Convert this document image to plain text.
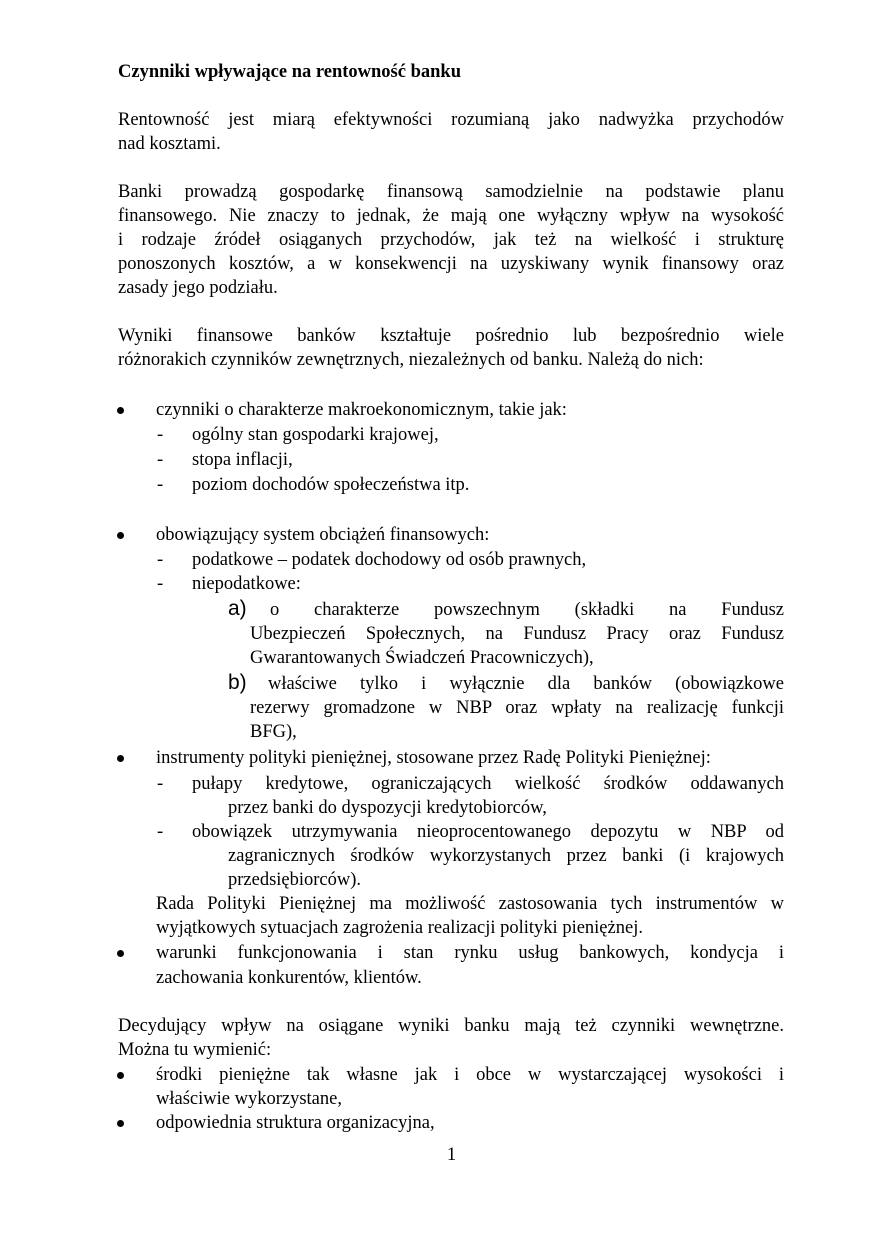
Czynniki wpływające na rentowność banku
Rentowność jest miarą efektywności rozumianą jako nadwyżka przychodów
nad kosztami.
Banki prowadzą gospodarkę finansową samodzielnie na podstawie planu
finansowego. Nie znaczy to jednak, że mają one wyłączny wpływ na wysokość
i rodzaje źródeł osiąganych przychodów, jak też na wielkość i strukturę
ponoszonych kosztów, a w konsekwencji na uzyskiwany wynik finansowy oraz
zasady jego podziału.
Wyniki finansowe banków kształtuje pośrednio lub bezpośrednio wiele
różnorakich czynników zewnętrznych, niezależnych od banku. Należą do nich:
czynniki o charakterze makroekonomicznym, takie jak:
- ogólny stan gospodarki krajowej,
- stopa inflacji,
- poziom dochodów społeczeństwa itp.
obowiązujący system obciążeń finansowych:
- podatkowe – podatek dochodowy od osób prawnych,
- niepodatkowe:
a) o charakterze powszechnym (składki na Fundusz
Ubezpieczeń Społecznych, na Fundusz Pracy oraz Fundusz
Gwarantowanych Świadczeń Pracowniczych),
b) właściwe tylko i wyłącznie dla banków (obowiązkowe
rezerwy gromadzone w NBP oraz wpłaty na realizację funkcji
BFG),
instrumenty polityki pieniężnej, stosowane przez Radę Polityki Pieniężnej:
- pułapy kredytowe, ograniczających wielkość środków oddawanych
przez banki do dyspozycji kredytobiorców,
- obowiązek utrzymywania nieoprocentowanego depozytu w NBP od
zagranicznych środków wykorzystanych przez banki (i krajowych
przedsiębiorców).
Rada Polityki Pieniężnej ma możliwość zastosowania tych instrumentów w
wyjątkowych sytuacjach zagrożenia realizacji polityki pieniężnej.
warunki funkcjonowania i stan rynku usług bankowych, kondycja i
zachowania konkurentów, klientów.
Decydujący wpływ na osiągane wyniki banku mają też czynniki wewnętrzne.
Można tu wymienić:
środki pieniężne tak własne jak i obce w wystarczającej wysokości i
właściwie wykorzystane,
odpowiednia struktura organizacyjna,
1
